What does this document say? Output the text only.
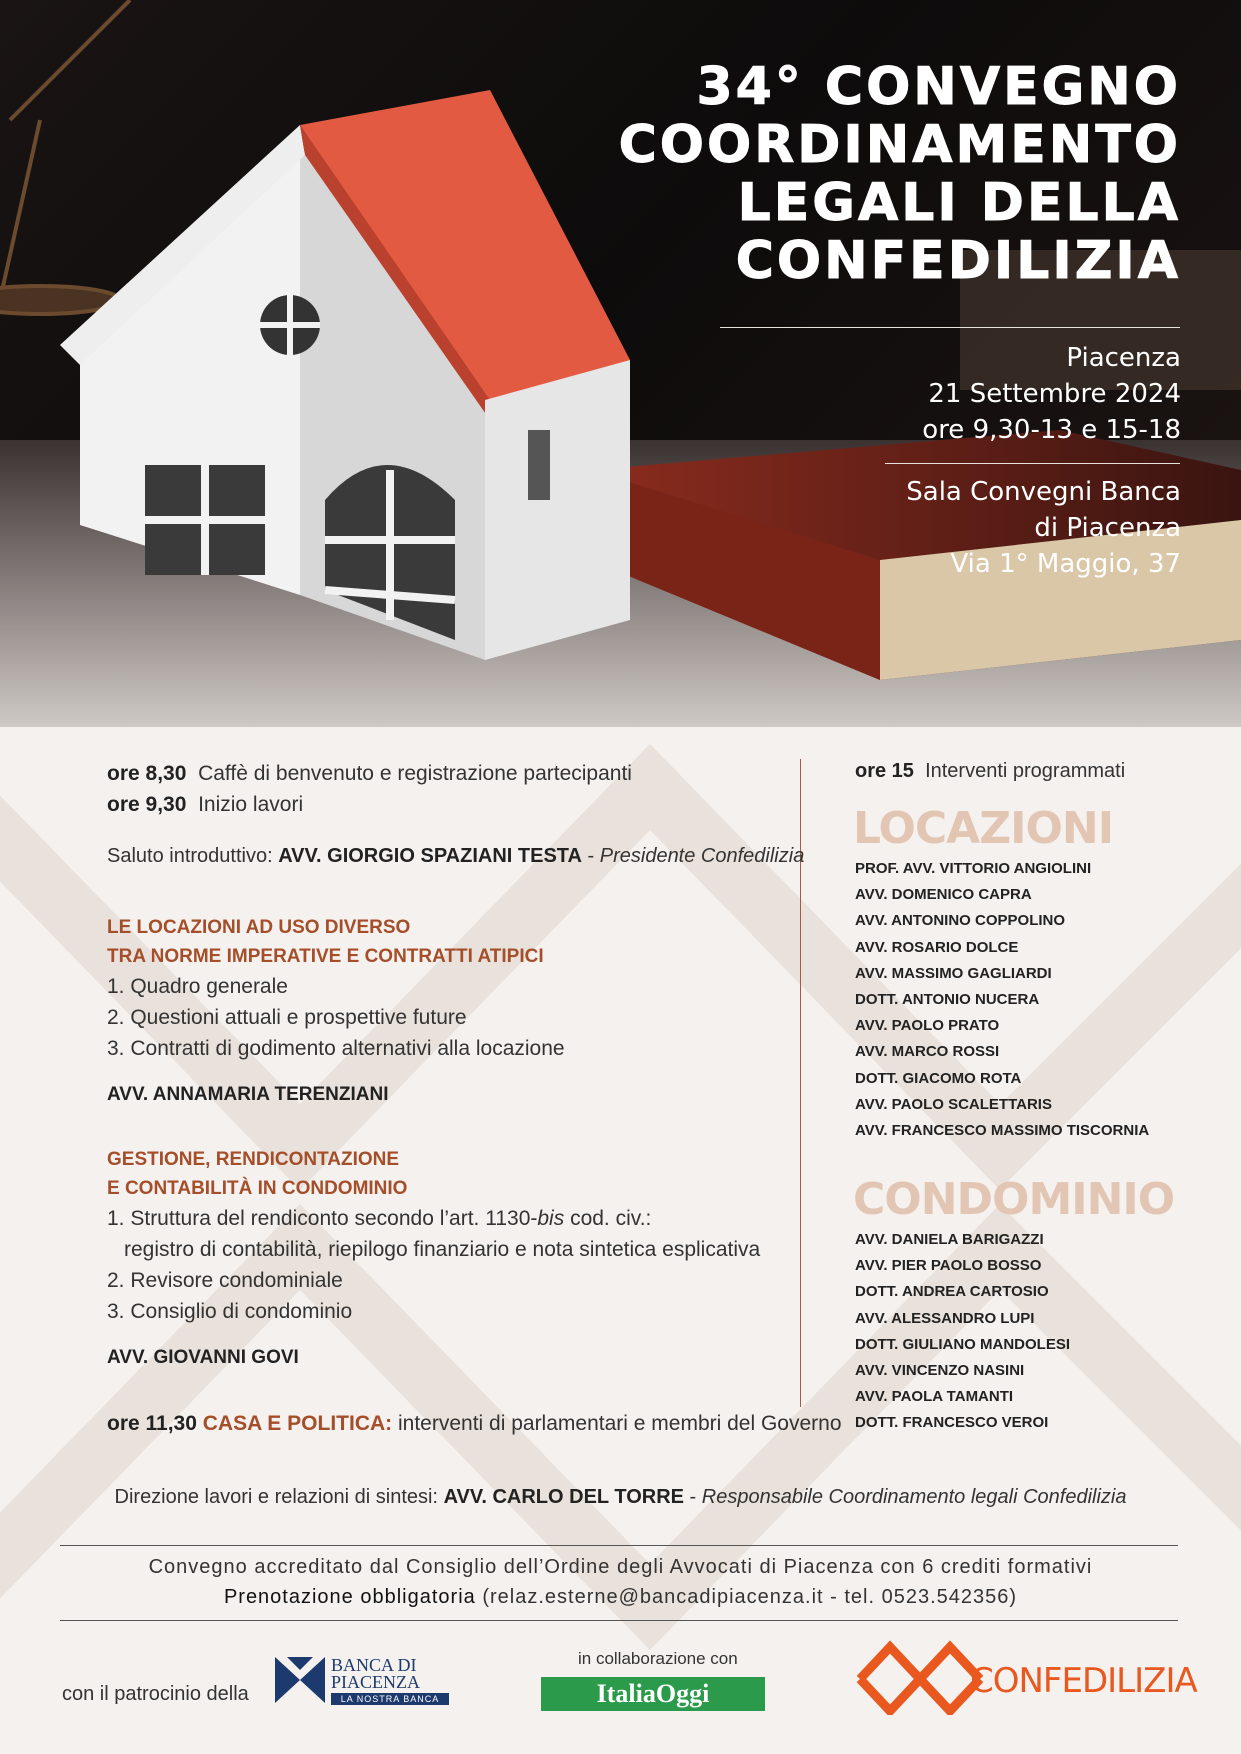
34° CONVEGNO
COORDINAMENTO
LEGALI DELLA
CONFEDILIZIA
Piacenza
21 Settembre 2024
ore 9,30-13 e 15-18
Sala Convegni Banca
di Piacenza
Via 1° Maggio, 37
ore 8,30 Caffè di benvenuto e registrazione partecipanti
ore 9,30 Inizio lavori
Saluto introduttivo: AVV. GIORGIO SPAZIANI TESTA - Presidente Confedilizia
LE LOCAZIONI AD USO DIVERSO
TRA NORME IMPERATIVE E CONTRATTI ATIPICI
1. Quadro generale
2. Questioni attuali e prospettive future
3. Contratti di godimento alternativi alla locazione
AVV. ANNAMARIA TERENZIANI
GESTIONE, RENDICONTAZIONE
E CONTABILITÀ IN CONDOMINIO
1. Struttura del rendiconto secondo l’art. 1130-bis cod. civ.:
registro di contabilità, riepilogo finanziario e nota sintetica esplicativa
2. Revisore condominiale
3. Consiglio di condominio
AVV. GIOVANNI GOVI
ore 11,30 CASA E POLITICA: interventi di parlamentari e membri del Governo
ore 15 Interventi programmati
LOCAZIONI
PROF. AVV. VITTORIO ANGIOLINI
AVV. DOMENICO CAPRA
AVV. ANTONINO COPPOLINO
AVV. ROSARIO DOLCE
AVV. MASSIMO GAGLIARDI
DOTT. ANTONIO NUCERA
AVV. PAOLO PRATO
AVV. MARCO ROSSI
DOTT. GIACOMO ROTA
AVV. PAOLO SCALETTARIS
AVV. FRANCESCO MASSIMO TISCORNIA
CONDOMINIO
AVV. DANIELA BARIGAZZI
AVV. PIER PAOLO BOSSO
DOTT. ANDREA CARTOSIO
AVV. ALESSANDRO LUPI
DOTT. GIULIANO MANDOLESI
AVV. VINCENZO NASINI
AVV. PAOLA TAMANTI
DOTT. FRANCESCO VEROI
Direzione lavori e relazioni di sintesi: AVV. CARLO DEL TORRE - Responsabile Coordinamento legali Confedilizia
Convegno accreditato dal Consiglio dell’Ordine degli Avvocati di Piacenza con 6 crediti formativi
Prenotazione obbligatoria (relaz.esterne@bancadipiacenza.it - tel. 0523.542356)
con il patrocinio della
BANCA DI
PIACENZA
LA NOSTRA BANCA
in collaborazione con
ItaliaOggi	CONFEDILIZIA
